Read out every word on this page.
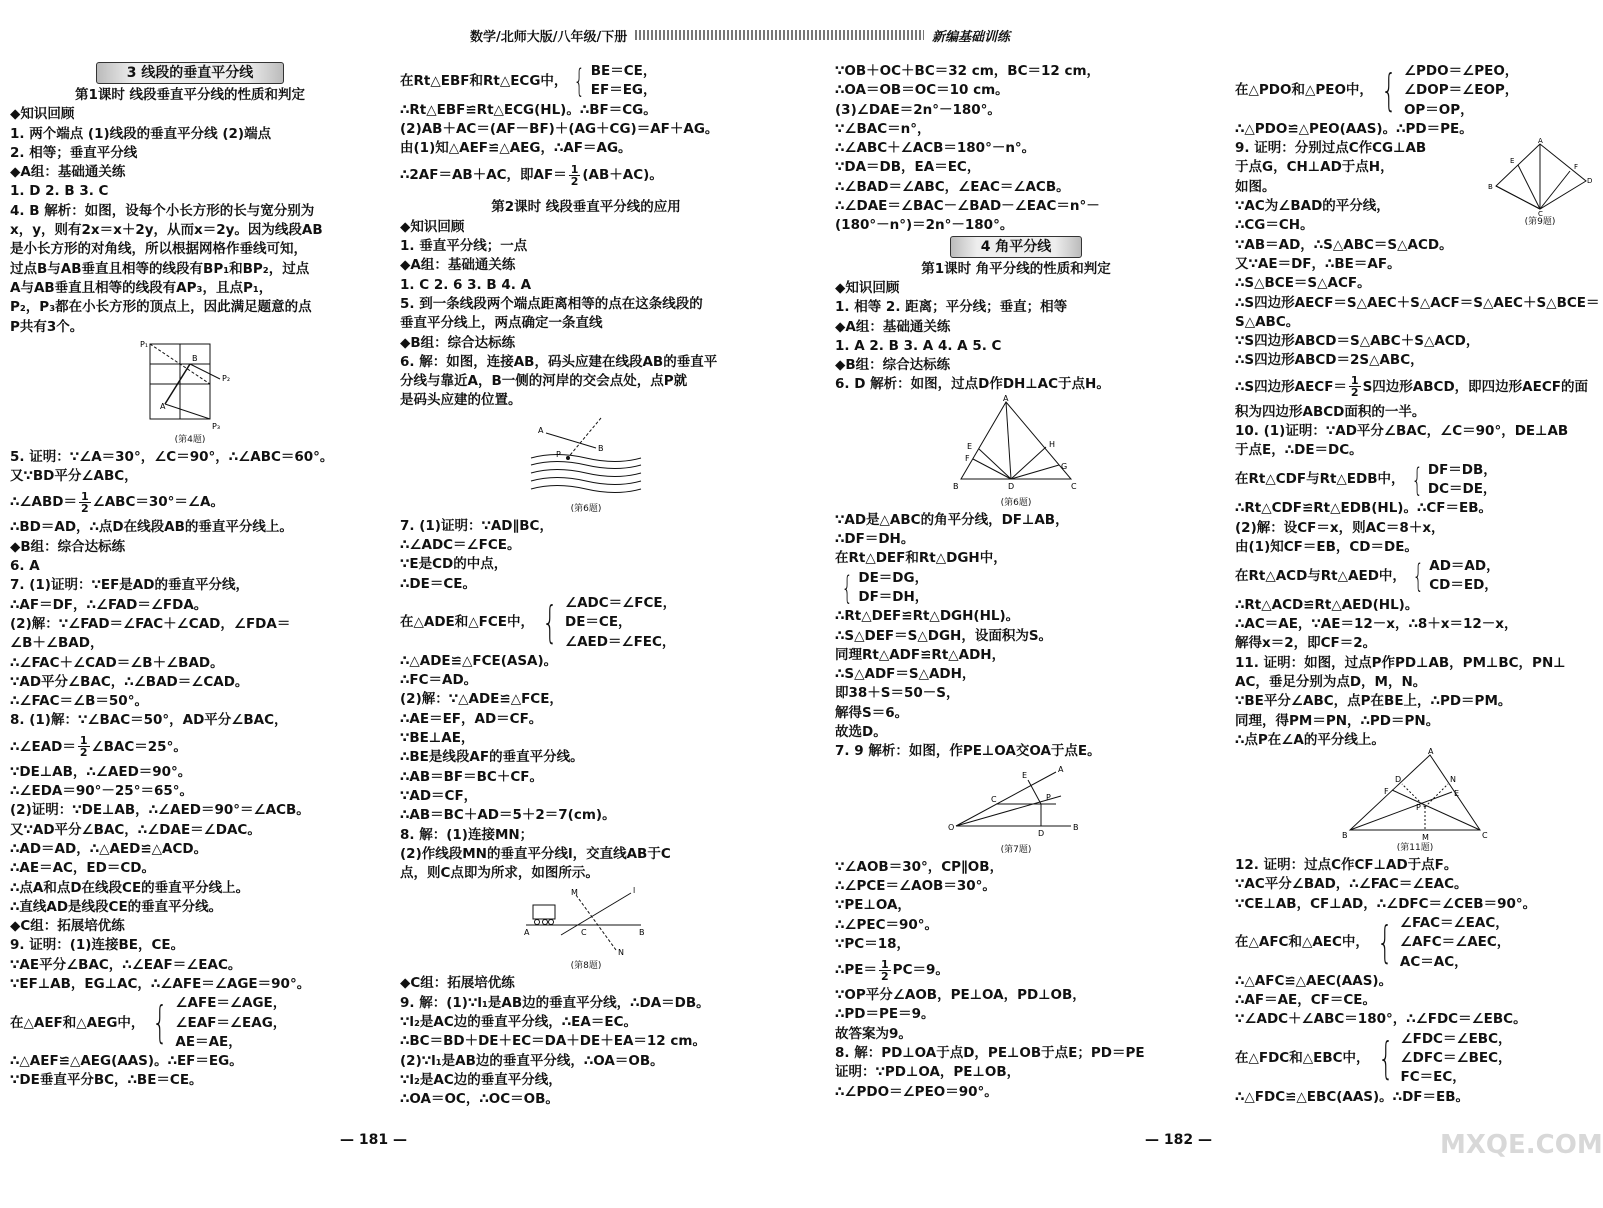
数学/北师大版/八年级/下册	新编基础训练
3 线段的垂直平分线
第1课时 线段垂直平分线的性质和判定
◆知识回顾
1. 两个端点 (1)线段的垂直平分线 (2)端点
2. 相等；垂直平分线
◆A组：基础通关练
1. D 2. B 3. C
4. B 解析：如图，设每个小长方形的长与宽分别为
x，y，则有2x＝x＋2y，从而x＝2y。因为线段AB
是小长方形的对角线，所以根据网格作垂线可知，
过点B与AB垂直且相等的线段有BP₁和BP₂，过点
A与AB垂直且相等的线段有AP₃，且点P₁，
P₂，P₃都在小长方形的顶点上，因此满足题意的点
P共有3个。
P₁
P₂
P₃
A
B
(第4题)
5. 证明：∵∠A＝30°，∠C＝90°，∴∠ABC＝60°。
又∵BD平分∠ABC，
∴∠ABD＝ $\frac{1}{2}$ ∠ABC＝30°＝∠A。
∴BD＝AD，∴点D在线段AB的垂直平分线上。
◆B组：综合达标练
6. A
7. (1)证明：∵EF是AD的垂直平分线，
∴AF＝DF，∴∠FAD＝∠FDA。
(2)解：∵∠FAD＝∠FAC＋∠CAD，∠FDA＝
∠B＋∠BAD，
∴∠FAC＋∠CAD＝∠B＋∠BAD。
∵AD平分∠BAC，∴∠BAD＝∠CAD。
∴∠FAC＝∠B＝50°。
8. (1)解：∵∠BAC＝50°，AD平分∠BAC，
∴∠EAD＝ $\frac{1}{2}$ ∠BAC＝25°。
∵DE⊥AB，∴∠AED＝90°。
∴∠EDA＝90°－25°＝65°。
(2)证明：∵DE⊥AB，∴∠AED＝90°＝∠ACB。
又∵AD平分∠BAC，∴∠DAE＝∠DAC。
∴AD＝AD，∴△AED≌△ACD。
∴AE＝AC，ED＝CD。
∴点A和点D在线段CE的垂直平分线上。
∴直线AD是线段CE的垂直平分线。
◆C组：拓展培优练
9. 证明：(1)连接BE，CE。
∵AE平分∠BAC，∴∠EAF＝∠EAC。
∵EF⊥AB，EG⊥AC，∴∠AFE＝∠AGE＝90°。
在△AEF和△AEG中， { ∠AFE＝∠AGE，
∠EAF＝∠EAG，
AE＝AE，
∴△AEF≌△AEG(AAS)。∴EF＝EG。
∵DE垂直平分BC，∴BE＝CE。
在Rt△EBF和Rt△ECG中， { BE＝CE，
EF＝EG，
∴Rt△EBF≌Rt△ECG(HL)。∴BF＝CG。
(2)AB＋AC＝(AF－BF)＋(AG＋CG)＝AF＋AG。
由(1)知△AEF≌△AEG，∴AF＝AG。
∴2AF＝AB＋AC，即$AF= \frac{1}{2} (AB+AC)$。
第2课时 线段垂直平分线的应用
◆知识回顾
1. 垂直平分线；一点
◆A组：基础通关练
1. C 2. 6 3. B 4. A
5. 到一条线段两个端点距离相等的点在这条线段的
垂直平分线上，两点确定一条直线
◆B组：综合达标练
6. 解：如图，连接AB，码头应建在线段AB的垂直平
分线与靠近A，B一侧的河岸的交会点处，点P就
是码头应建的位置。
A
B
P
(第6题)
7. (1)证明：∵AD∥BC，
∴∠ADC＝∠FCE。
∵E是CD的中点，
∴DE＝CE。
在△ADE和△FCE中， { ∠ADC＝∠FCE，
DE＝CE，
∠AED＝∠FEC，
∴△ADE≌△FCE(ASA)。
∴FC＝AD。
(2)解：∵△ADE≌△FCE，
∴AE＝EF，AD＝CF。
∵BE⊥AE，
∴BE是线段AF的垂直平分线。
∴AB＝BF＝BC＋CF。
∵AD＝CF，
∴AB＝BC＋AD＝5＋2＝7(cm)。
8. 解：(1)连接MN；
(2)作线段MN的垂直平分线l，交直线AB于C
点，则C点即为所求，如图所示。
A	B
C
M
N
l
(第8题)
◆C组：拓展培优练
9. 解：(1)∵l₁是AB边的垂直平分线，∴DA＝DB。
∵l₂是AC边的垂直平分线，∴EA＝EC。
∴BC＝BD＋DE＋EC＝DA＋DE＋EA＝12 cm。
(2)∵l₁是AB边的垂直平分线，∴OA＝OB。
∵l₂是AC边的垂直平分线，
∴OA＝OC，∴OC＝OB。
∵OB＋OC＋BC＝32 cm，BC＝12 cm，
∴OA＝OB＝OC＝10 cm。
(3)∠DAE＝2n°－180°。
∵∠BAC＝n°，
∴∠ABC＋∠ACB＝180°－n°。
∵DA＝DB，EA＝EC，
∴∠BAD＝∠ABC，∠EAC＝∠ACB。
∴∠DAE＝∠BAC－∠BAD－∠EAC＝n°－
(180°－n°)＝2n°－180°。
4 角平分线
第1课时 角平分线的性质和判定
◆知识回顾
1. 相等 2. 距离；平分线；垂直；相等
◆A组：基础通关练
1. A 2. B 3. A 4. A 5. C
◆B组：综合达标练
6. D 解析：如图，过点D作DH⊥AC于点H。
A
B	C
D
E
F
G
H
(第6题)
∵AD是△ABC的角平分线，DF⊥AB，
∴DF＝DH。
在Rt△DEF和Rt△DGH中，
{ DE＝DG，
DF＝DH，
∴Rt△DEF≌Rt△DGH(HL)。
∴S△DEF＝S△DGH，设面积为S。
同理Rt△ADF≌Rt△ADH，
∴S△ADF＝S△ADH，
即38＋S＝50－S，
解得S＝6。
故选D。
7. 9 解析：如图，作PE⊥OA交OA于点E。
O
A
B
C
D
E
P
(第7题)
∵∠AOB＝30°，CP∥OB，
∴∠PCE＝∠AOB＝30°。
∵PE⊥OA，
∴∠PEC＝90°。
∵PC＝18，
∴PE＝ $\frac{1}{2} PC=9$。
∵OP平分∠AOB，PE⊥OA，PD⊥OB，
∴PD＝PE＝9。
故答案为9。
8. 解：PD⊥OA于点D，PE⊥OB于点E；PD＝PE
证明：∵PD⊥OA，PE⊥OB，
∴∠PDO＝∠PEO＝90°。
在△PDO和△PEO中， { ∠PDO＝∠PEO，
∠DOP＝∠EOP，
OP＝OP，
∴△PDO≌△PEO(AAS)。∴PD＝PE。
9. 证明：分别过点C作CG⊥AB
于点G，CH⊥AD于点H，
如图。
∵AC为∠BAD的平分线，
∴CG＝CH。
A
B
C
D
E
F
(第9题)
∵AB＝AD，∴S△ABC＝S△ACD。
又∵AE＝DF，∴BE＝AF。
∴S△BCE＝S△ACF。
∴S四边形AECF＝S△AEC＋S△ACF＝S△AEC＋S△BCE＝
S△ABC。
∵S四边形ABCD＝S△ABC＋S△ACD，
∴S四边形ABCD＝2S△ABC，
∴S四边形AECF＝ $\frac{1}{2}$ S四边形ABCD，即四边形AECF的面
积为四边形ABCD面积的一半。
10. (1)证明：∵AD平分∠BAC，∠C＝90°，DE⊥AB
于点E，∴DE＝DC。
在Rt△CDF与Rt△EDB中， { DF＝DB，
DC＝DE，
∴Rt△CDF≌Rt△EDB(HL)。∴CF＝EB。
(2)解：设CF＝x，则AC＝8＋x，
由(1)知CF＝EB，CD＝DE。
在Rt△ACD与Rt△AED中， { AD＝AD，
CD＝ED，
∴Rt△ACD≌Rt△AED(HL)。
∴AC＝AE，∵AE＝12－x，∴8＋x＝12－x，
解得x＝2，即CF＝2。
11. 证明：如图，过点P作PD⊥AB，PM⊥BC，PN⊥
AC，垂足分别为点D，M，N。
∵BE平分∠ABC，点P在BE上，∴PD＝PM。
同理，得PM＝PN，∴PD＝PN。
∴点P在∠A的平分线上。
A
B	C
D
E
F
M
N
P
(第11题)
12. 证明：过点C作CF⊥AD于点F。
∵AC平分∠BAD，∴∠FAC＝∠EAC。
∵CE⊥AB，CF⊥AD，∴∠DFC＝∠CEB＝90°。
在△AFC和△AEC中， { ∠FAC＝∠EAC，
∠AFC＝∠AEC，
AC＝AC，
∴△AFC≌△AEC(AAS)。
∴AF＝AE，CF＝CE。
∵∠ADC＋∠ABC＝180°，∴∠FDC＝∠EBC。
在△FDC和△EBC中， { ∠FDC＝∠EBC，
∠DFC＝∠BEC，
FC＝EC，
∴△FDC≌△EBC(AAS)。∴DF＝EB。
— 181 —	— 182 —	MXQE.COM
